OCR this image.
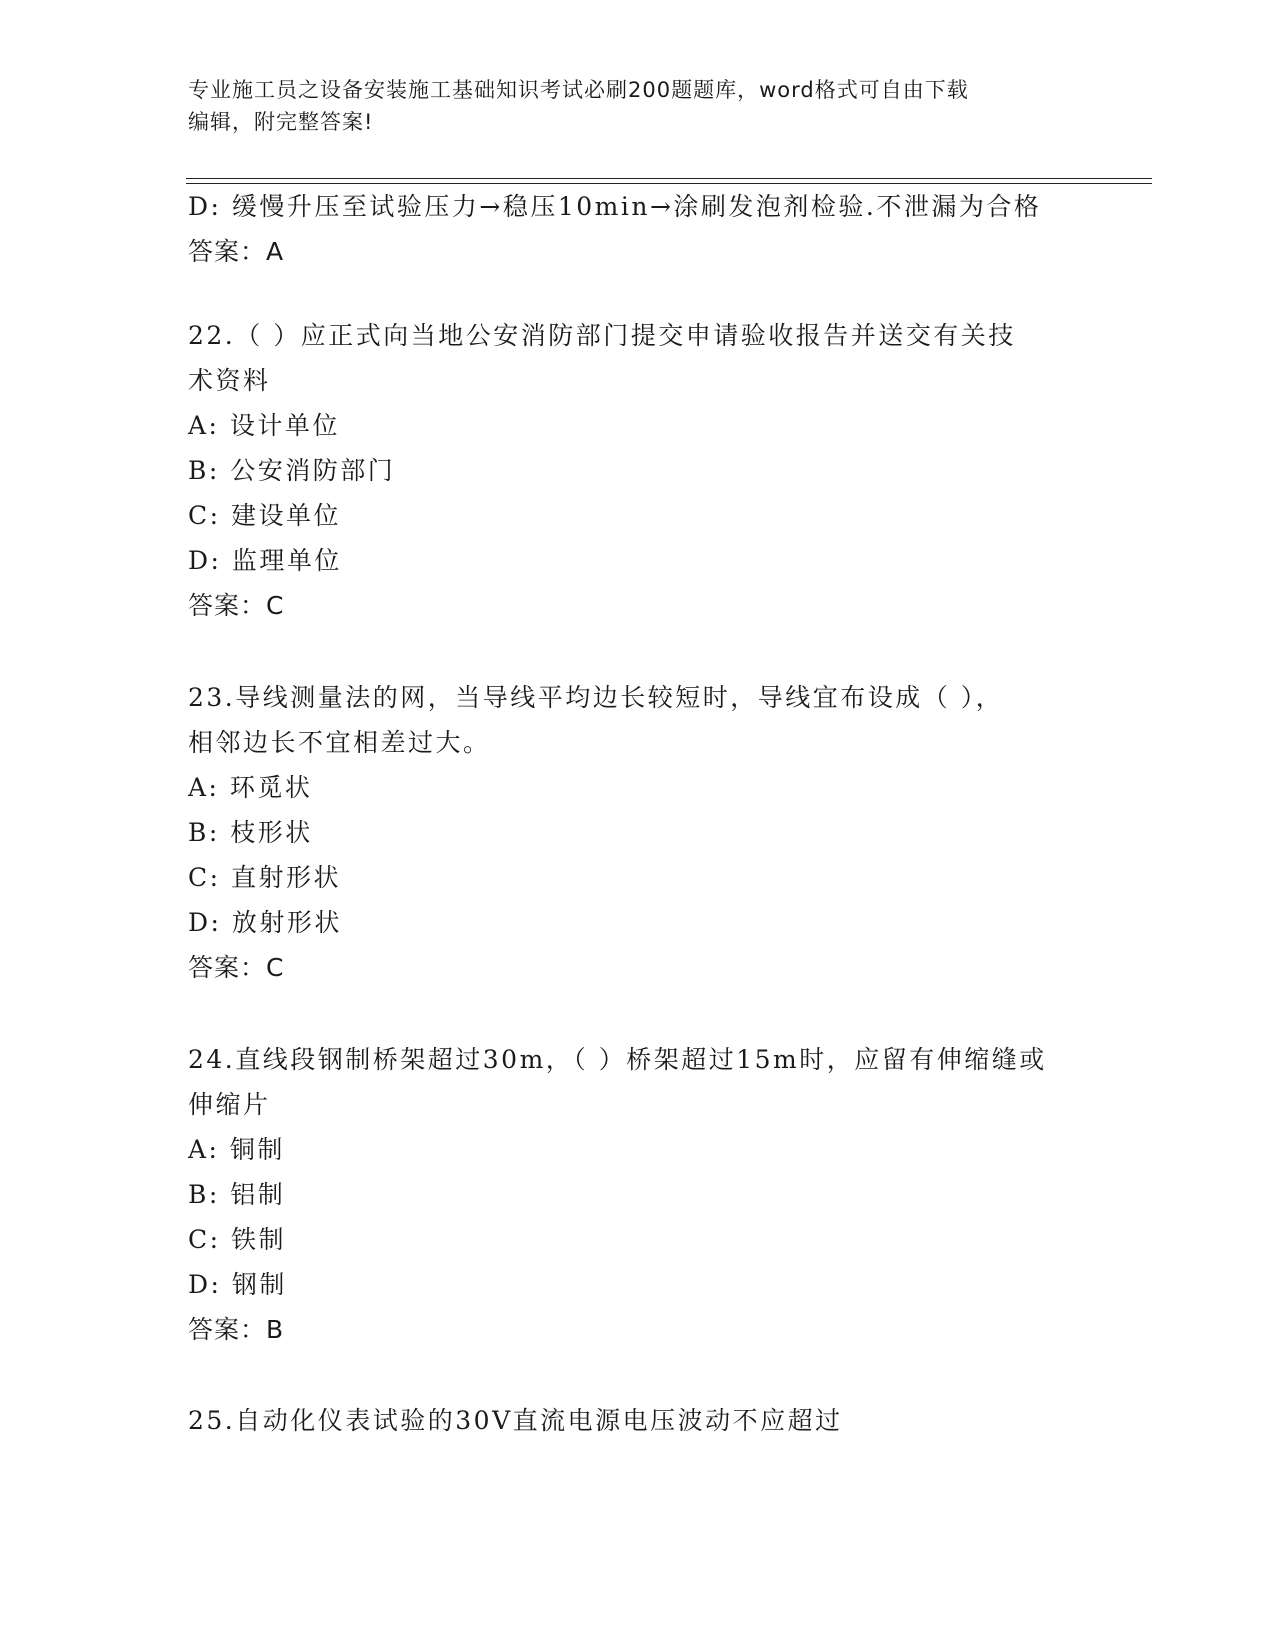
专业施工员之设备安装施工基础知识考试必刷200题题库，word格式可自由下载
编辑，附完整答案!
D: 缓慢升压至试验压力→稳压10min→涂刷发泡剂检验.不泄漏为合格
答案：A
22.（ ）应正式向当地公安消防部门提交申请验收报告并送交有关技
术资料
A: 设计单位
B: 公安消防部门
C: 建设单位
D: 监理单位
答案：C
23.导线测量法的网，当导线平均边长较短时，导线宜布设成（ ），
相邻边长不宜相差过大。
A: 环觅状
B: 枝形状
C: 直射形状
D: 放射形状
答案：C
24.直线段钢制桥架超过30m，（ ）桥架超过15m时，应留有伸缩缝或
伸缩片
A: 铜制
B: 铝制
C: 铁制
D: 钢制
答案：B
25.自动化仪表试验的30V直流电源电压波动不应超过
